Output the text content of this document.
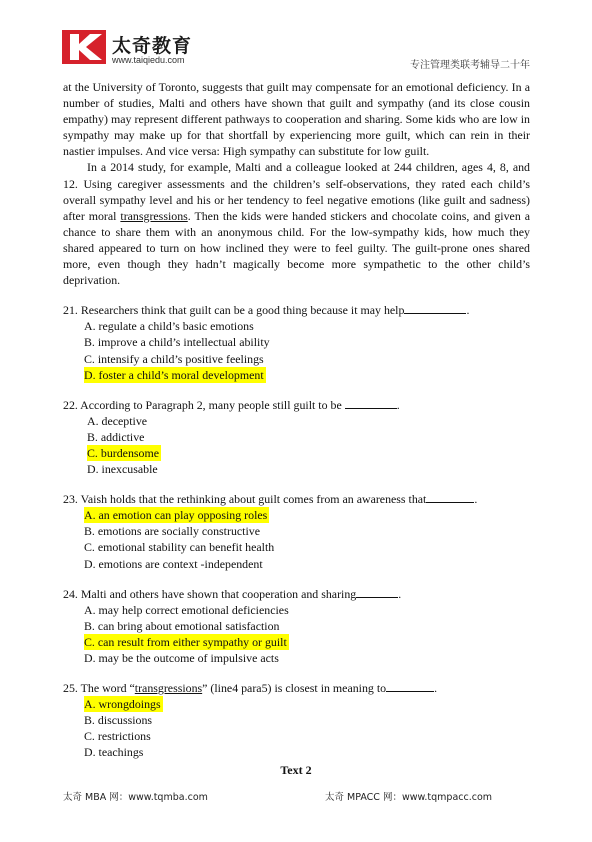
太奇教育
www.taiqiedu.com	专注管理类联考辅导二十年

at the University of Toronto, suggests that guilt may compensate for an emotional deficiency. In a number of studies, Malti and others have shown that guilt and sympathy (and its close cousin empathy) may represent different pathways to cooperation and sharing. Some kids who are low in sympathy may make up for that shortfall by experiencing more guilt, which can rein in their nastier impulses. And vice versa: High sympathy can substitute for low guilt.

In a 2014 study, for example, Malti and a colleague looked at 244 children, ages 4, 8, and 12. Using caregiver assessments and the children’s self-observations, they rated each child’s overall sympathy level and his or her tendency to feel negative emotions (like guilt and sadness) after moral transgressions. Then the kids were handed stickers and chocolate coins, and given a chance to share them with an anonymous child. For the low-sympathy kids, how much they shared appeared to turn on how inclined they were to feel guilty. The guilt-prone ones shared more, even though they hadn’t magically become more sympathetic to the other child’s deprivation.

21. Researchers think that guilt can be a good thing because it may help	.

A. regulate a child’s basic emotions
B. improve a child’s intellectual ability
C. intensify a child’s positive feelings
D. foster a child’s moral development

22. According to Paragraph 2, many people still guilt to be	.

A. deceptive
B. addictive
C. burdensome

D. inexcusable

23. Vaish holds that the rethinking about guilt comes from an awareness that	.

A. an emotion can play opposing roles

B. emotions are socially constructive
C. emotional stability can benefit health
D. emotions are context -independent

24. Malti and others have shown that cooperation and sharing	.

A. may help correct emotional deficiencies
B. can bring about emotional satisfaction
C. can result from either sympathy or guilt

D. may be the outcome of impulsive acts

25. The word “transgressions” (line4 para5) is closest in meaning to	.

A. wrongdoings

B. discussions
C. restrictions
D. teachings
Text 2
太奇 MBA 网：www.tqmba.com	太奇 MPACC 网：www.tqmpacc.com
